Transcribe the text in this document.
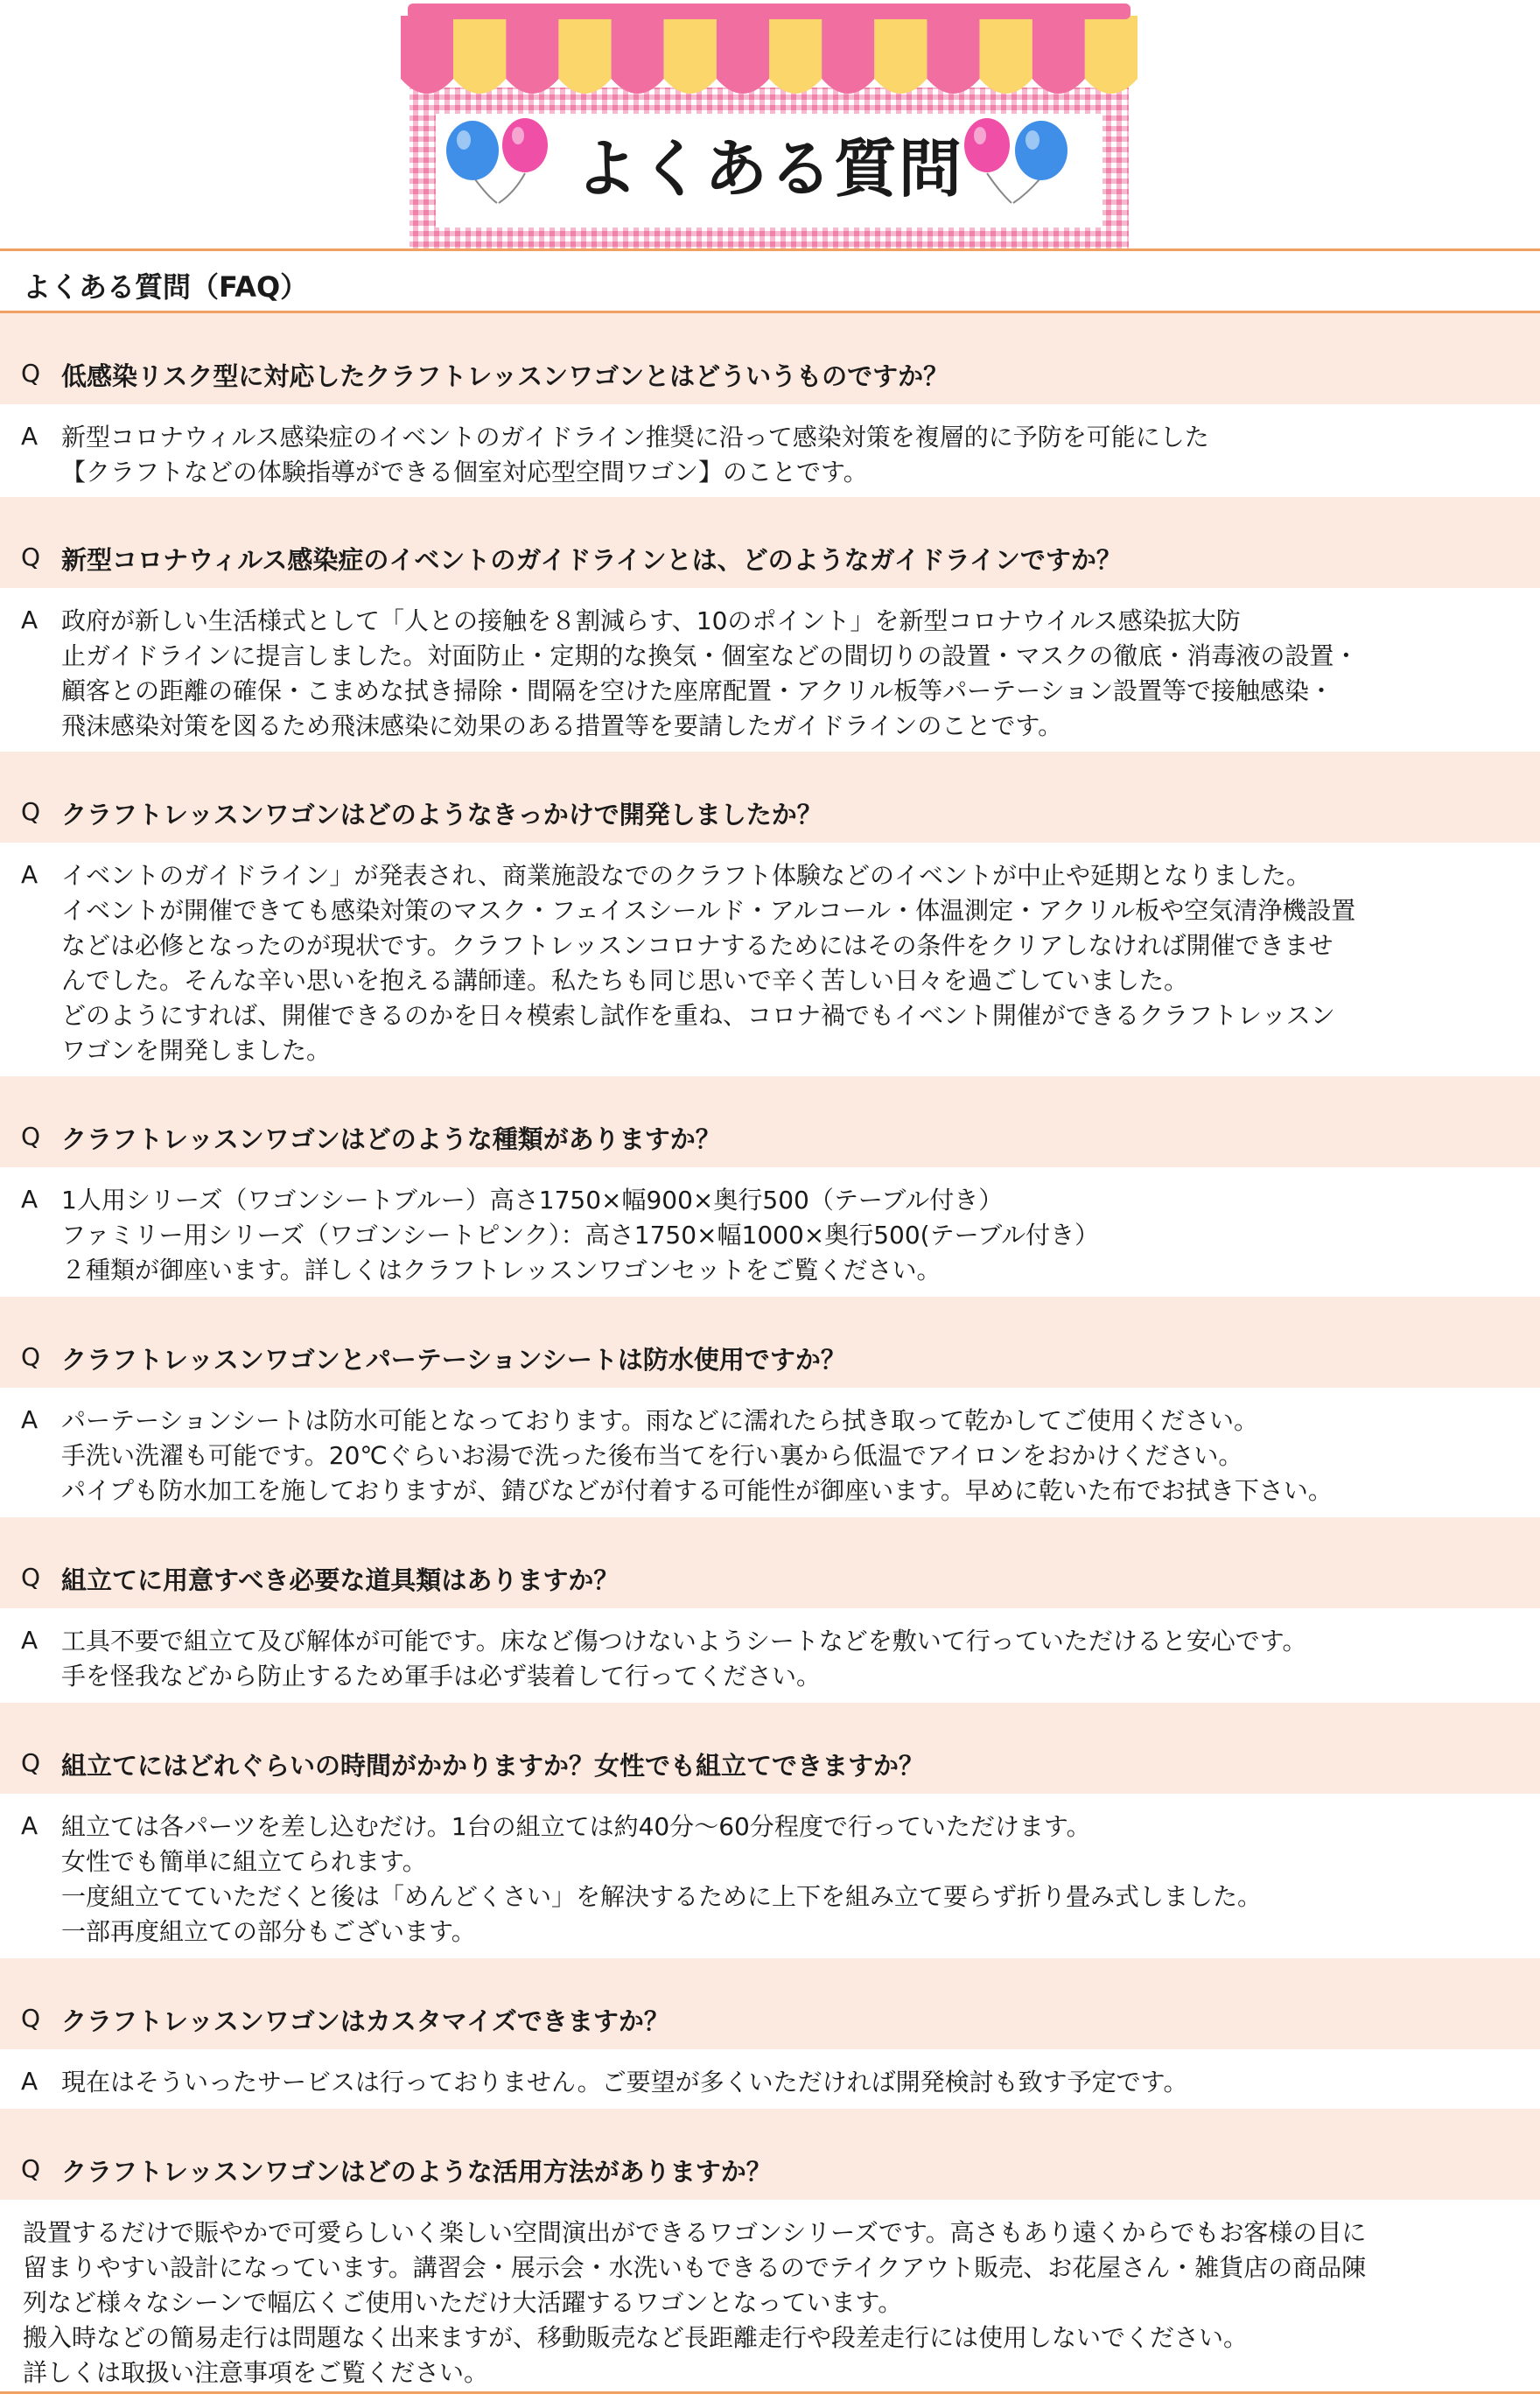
よくある質問
よくある質問（FAQ）
Q 低感染リスク型に対応したクラフトレッスンワゴンとはどういうものですか？
A 新型コロナウィルス感染症のイベントのガイドライン推奨に沿って感染対策を複層的に予防を可能にした
【クラフトなどの体験指導ができる個室対応型空間ワゴン】のことです。
Q 新型コロナウィルス感染症のイベントのガイドラインとは、どのようなガイドラインですか？
A 政府が新しい生活様式として「人との接触を８割減らす、10のポイント」を新型コロナウイルス感染拡大防
止ガイドラインに提言しました。対面防止・定期的な換気・個室などの間切りの設置・マスクの徹底・消毒液の設置・
顧客との距離の確保・こまめな拭き掃除・間隔を空けた座席配置・アクリル板等パーテーション設置等で接触感染・
飛沫感染対策を図るため飛沫感染に効果のある措置等を要請したガイドラインのことです。
Q クラフトレッスンワゴンはどのようなきっかけで開発しましたか？
A イベントのガイドライン」が発表され、商業施設なでのクラフト体験などのイベントが中止や延期となりました。
イベントが開催できても感染対策のマスク・フェイスシールド・アルコール・体温測定・アクリル板や空気清浄機設置
などは必修となったのが現状です。クラフトレッスンコロナするためにはその条件をクリアしなければ開催できませ
んでした。そんな辛い思いを抱える講師達。私たちも同じ思いで辛く苦しい日々を過ごしていました。
どのようにすれば、開催できるのかを日々模索し試作を重ね、コロナ禍でもイベント開催ができるクラフトレッスン
ワゴンを開発しました。
Q クラフトレッスンワゴンはどのような種類がありますか？
A 1人用シリーズ（ワゴンシートブルー）高さ1750×幅900×奥行500（テーブル付き）
ファミリー用シリーズ（ワゴンシートピンク）：高さ1750×幅1000×奥行500(テーブル付き）
２種類が御座います。詳しくはクラフトレッスンワゴンセットをご覧ください。
Q クラフトレッスンワゴンとパーテーションシートは防水使用ですか？
A パーテーションシートは防水可能となっております。雨などに濡れたら拭き取って乾かしてご使用ください。
手洗い洗濯も可能です。20℃ぐらいお湯で洗った後布当てを行い裏から低温でアイロンをおかけください。
パイプも防水加工を施しておりますが、錆びなどが付着する可能性が御座います。早めに乾いた布でお拭き下さい。
Q 組立てに用意すべき必要な道具類はありますか？
A 工具不要で組立て及び解体が可能です。床など傷つけないようシートなどを敷いて行っていただけると安心です。
手を怪我などから防止するため軍手は必ず装着して行ってください。
Q 組立てにはどれぐらいの時間がかかりますか？女性でも組立てできますか？
A 組立ては各パーツを差し込むだけ。1台の組立ては約40分～60分程度で行っていただけます。
女性でも簡単に組立てられます。
一度組立てていただくと後は「めんどくさい」を解決するために上下を組み立て要らず折り畳み式しました。
一部再度組立ての部分もございます。
Q クラフトレッスンワゴンはカスタマイズできますか？
A 現在はそういったサービスは行っておりません。ご要望が多くいただければ開発検討も致す予定です。
Q クラフトレッスンワゴンはどのような活用方法がありますか？
設置するだけで賑やかで可愛らしいく楽しい空間演出ができるワゴンシリーズです。高さもあり遠くからでもお客様の目に
留まりやすい設計になっています。講習会・展示会・水洗いもできるのでテイクアウト販売、お花屋さん・雑貨店の商品陳
列など様々なシーンで幅広くご使用いただけ大活躍するワゴンとなっています。
搬入時などの簡易走行は問題なく出来ますが、移動販売など長距離走行や段差走行には使用しないでください。
詳しくは取扱い注意事項をご覧ください。
